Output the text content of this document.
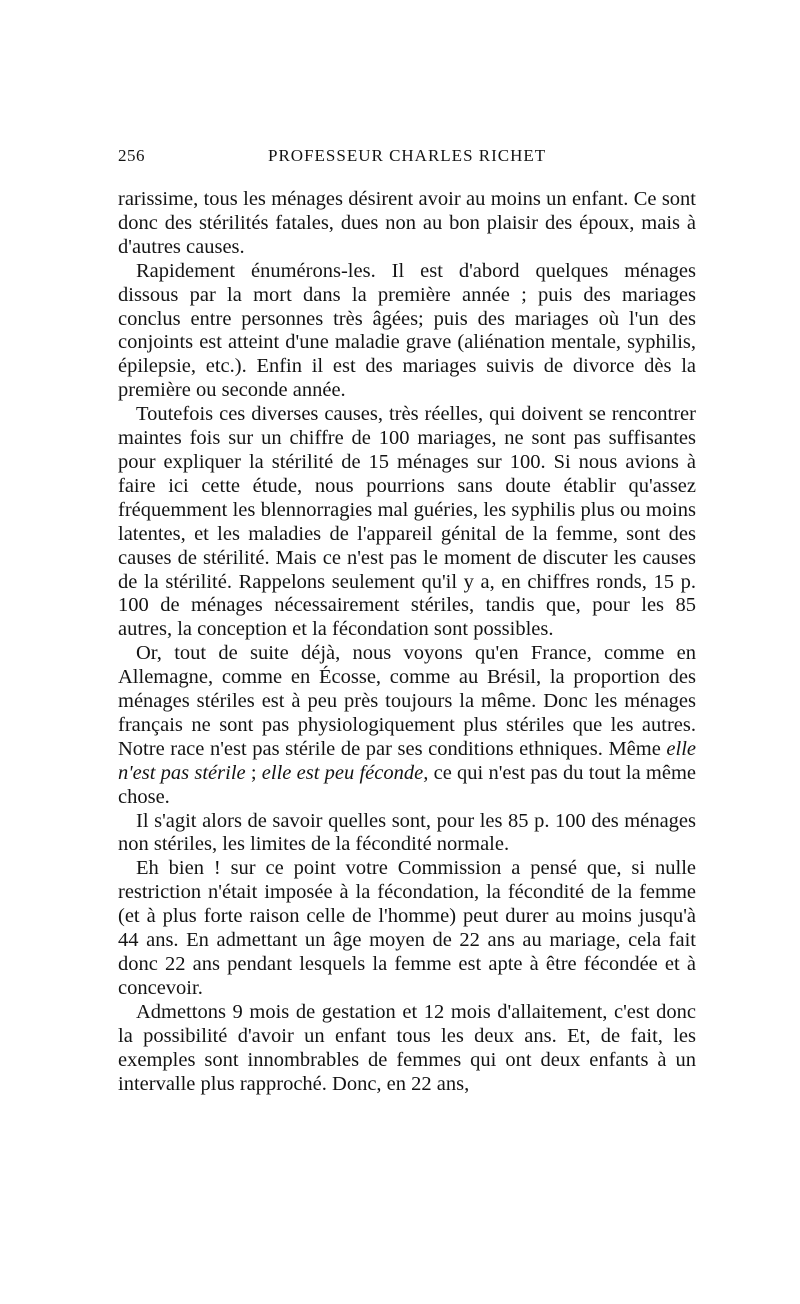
256	PROFESSEUR CHARLES RICHET

rarissime, tous les ménages désirent avoir au moins un enfant. Ce sont donc des stérilités fatales, dues non au bon plaisir des époux, mais à d'autres causes.

Rapidement énumérons-les. Il est d'abord quelques ménages dissous par la mort dans la première année ; puis des mariages conclus entre personnes très âgées; puis des mariages où l'un des conjoints est atteint d'une maladie grave (aliénation mentale, syphilis, épilepsie, etc.). Enfin il est des mariages suivis de divorce dès la première ou seconde année.

Toutefois ces diverses causes, très réelles, qui doivent se rencontrer maintes fois sur un chiffre de 100 mariages, ne sont pas suffisantes pour expliquer la stérilité de 15 ménages sur 100. Si nous avions à faire ici cette étude, nous pourrions sans doute établir qu'assez fréquemment les blennorragies mal guéries, les syphilis plus ou moins latentes, et les maladies de l'appareil génital de la femme, sont des causes de stérilité. Mais ce n'est pas le moment de discuter les causes de la stérilité. Rappelons seulement qu'il y a, en chiffres ronds, 15 p. 100 de ménages nécessairement stériles, tandis que, pour les 85 autres, la conception et la fécondation sont possibles.

Or, tout de suite déjà, nous voyons qu'en France, comme en Allemagne, comme en Écosse, comme au Brésil, la proportion des ménages stériles est à peu près toujours la même. Donc les ménages français ne sont pas physiologiquement plus stériles que les autres. Notre race n'est pas stérile de par ses conditions ethniques. Même elle n'est pas stérile ; elle est peu féconde, ce qui n'est pas du tout la même chose.

Il s'agit alors de savoir quelles sont, pour les 85 p. 100 des ménages non stériles, les limites de la fécondité normale.

Eh bien ! sur ce point votre Commission a pensé que, si nulle restriction n'était imposée à la fécondation, la fécondité de la femme (et à plus forte raison celle de l'homme) peut durer au moins jusqu'à 44 ans. En admettant un âge moyen de 22 ans au mariage, cela fait donc 22 ans pendant lesquels la femme est apte à être fécondée et à concevoir.

Admettons 9 mois de gestation et 12 mois d'allaitement, c'est donc la possibilité d'avoir un enfant tous les deux ans. Et, de fait, les exemples sont innombrables de femmes qui ont deux enfants à un intervalle plus rapproché. Donc, en 22 ans,
